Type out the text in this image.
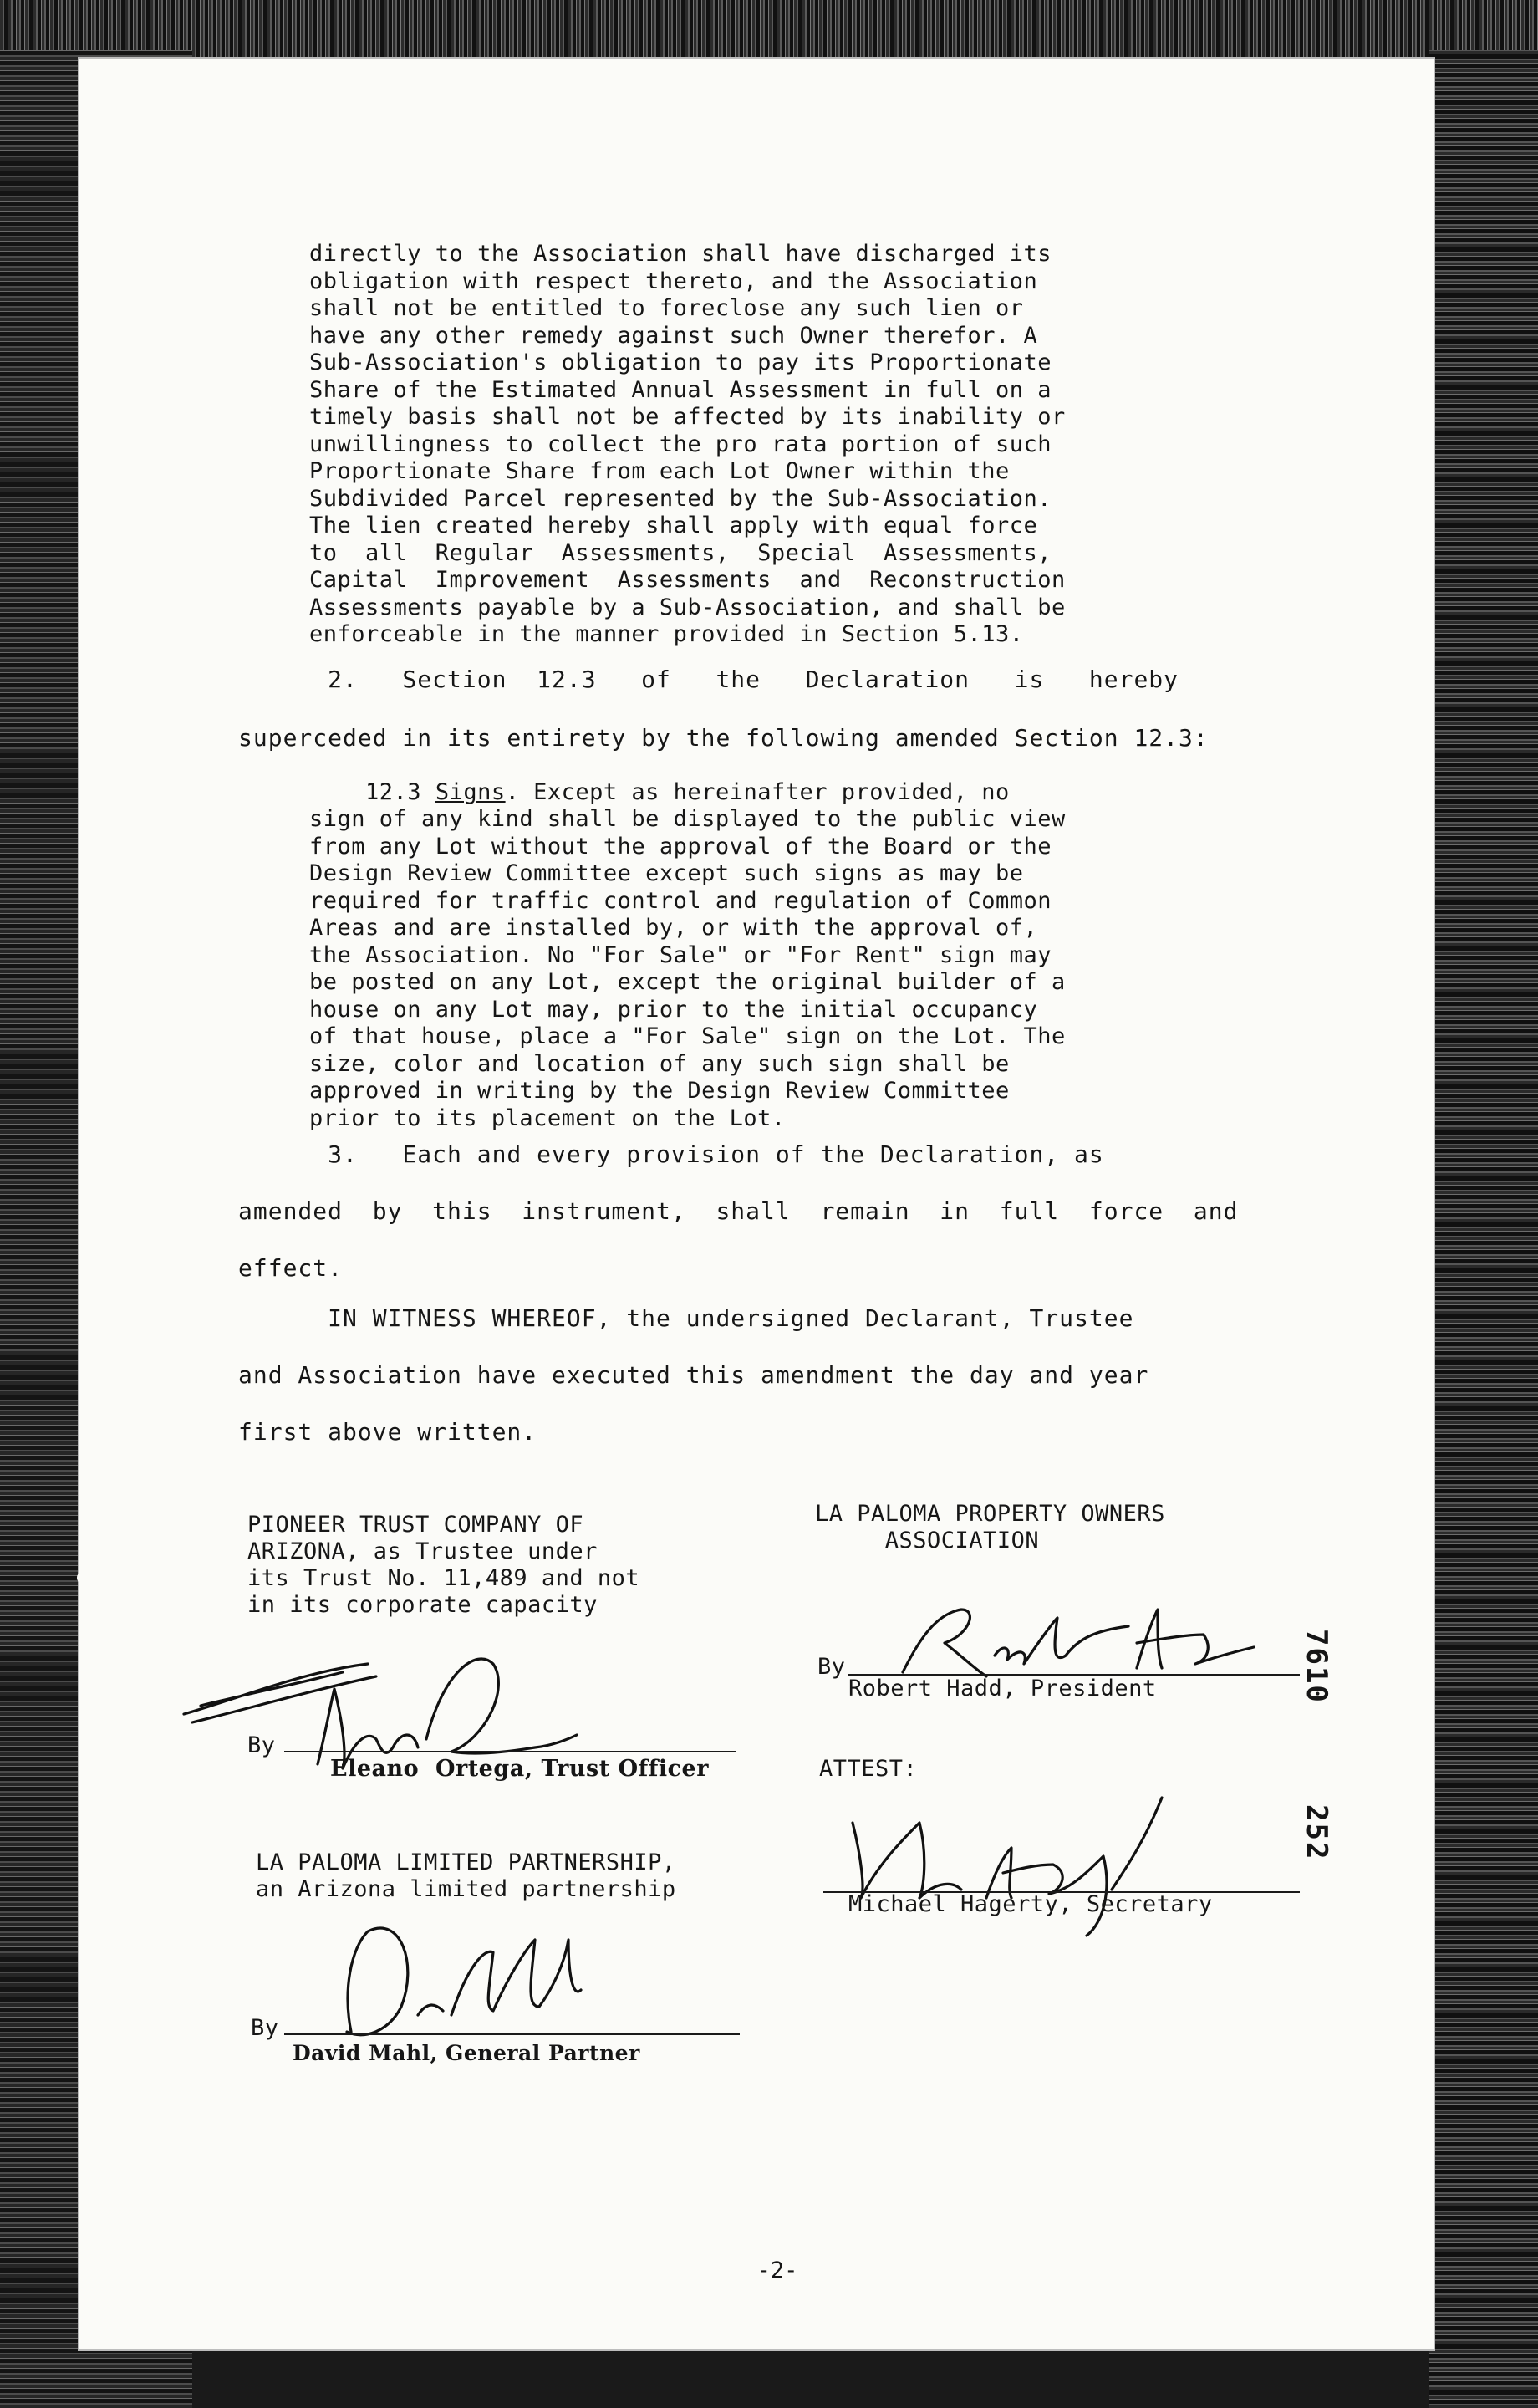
directly to the Association shall have discharged its
obligation with respect thereto, and the Association
shall not be entitled to foreclose any such lien or
have any other remedy against such Owner therefor. A
Sub-Association's obligation to pay its Proportionate
Share of the Estimated Annual Assessment in full on a
timely basis shall not be affected by its inability or
unwillingness to collect the pro rata portion of such
Proportionate Share from each Lot Owner within the
Subdivided Parcel represented by the Sub-Association.
The lien created hereby shall apply with equal force
to  all  Regular  Assessments,  Special  Assessments,
Capital  Improvement  Assessments  and  Reconstruction
Assessments payable by a Sub-Association, and shall be
enforceable in the manner provided in Section 5.13.
2.   Section  12.3   of   the   Declaration   is   hereby
superceded in its entirety by the following amended Section 12.3:
12.3 Signs. Except as hereinafter provided, no
sign of any kind shall be displayed to the public view
from any Lot without the approval of the Board or the
Design Review Committee except such signs as may be
required for traffic control and regulation of Common
Areas and are installed by, or with the approval of,
the Association. No "For Sale" or "For Rent" sign may
be posted on any Lot, except the original builder of a
house on any Lot may, prior to the initial occupancy
of that house, place a "For Sale" sign on the Lot. The
size, color and location of any such sign shall be
approved in writing by the Design Review Committee
prior to its placement on the Lot.
3.   Each and every provision of the Declaration, as

amended  by  this  instrument,  shall  remain  in  full  force  and

effect.
IN WITNESS WHEREOF, the undersigned Declarant, Trustee

and Association have executed this amendment the day and year

first above written.
PIONEER TRUST COMPANY OF
ARIZONA, as Trustee under
its Trust No. 11,489 and not
in its corporate capacity
By
Eleano  Ortega, Trust Officer
LA PALOMA LIMITED PARTNERSHIP,
an Arizona limited partnership
By
David Mahl, General Partner
LA PALOMA PROPERTY OWNERS
ASSOCIATION
By
Robert Hadd, President
ATTEST:
Michael Hagerty, Secretary
7610
252
-2-
